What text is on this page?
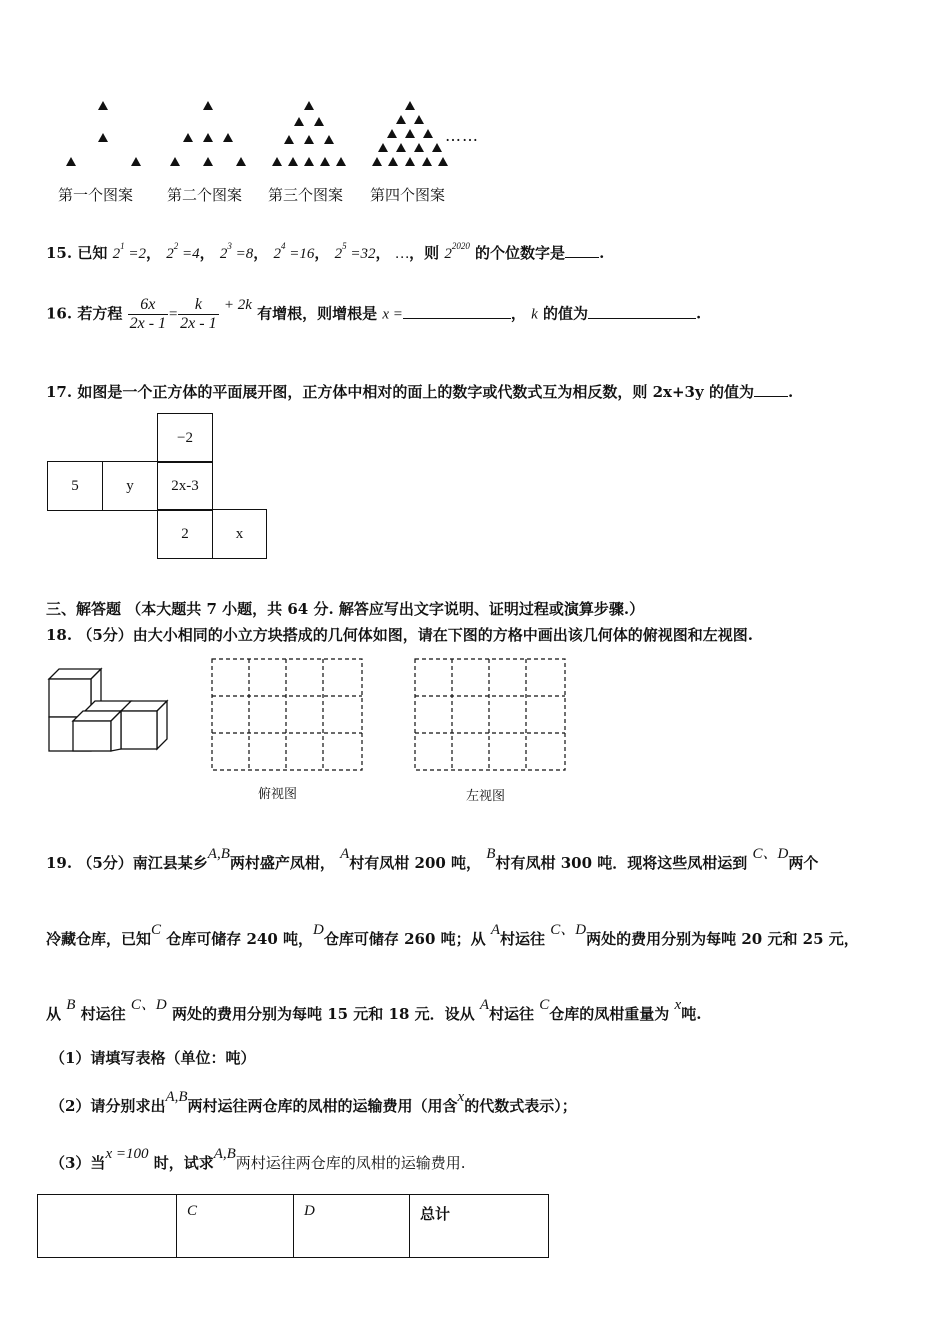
……
第一个图案 第二个图案 第三个图案 第四个图案
15. 已知 $2^1 =2$， $2^2 =4$， $2^3 =8$， $2^4 =16$， $2^5 =32$， …，则 $2^{2020}$ 的个位数字是 .
16. 若方程 $\frac{6x}{2x - 1} = \frac{k}{2x - 1} + 2k$ 有增根，则增根是 x =	， k 的值为	.
17. 如图是一个正方体的平面展开图，正方体中相对的面上的数字或代数式互为相反数，则 2x+3y 的值为 .
−2
5	y	2x-3
2	x
三、解答题 （本大题共 7 小题，共 64 分. 解答应写出文字说明、证明过程或演算步骤.）
18. （5分）由大小相同的小立方块搭成的几何体如图，请在下图的方格中画出该几何体的俯视图和左视图.
俯视图	左视图
19. （5分）南江县某乡A,B两村盛产凤柑， A村有凤柑 200 吨， B村有凤柑 300 吨．现将这些凤柑运到 C、D两个
冷藏仓库，已知C 仓库可储存 240 吨，D仓库可储存 260 吨；从 A村运往 C、D两处的费用分别为每吨 20 元和 25 元，
从 B 村运往 C、D 两处的费用分别为每吨 15 元和 18 元．设从 A村运往 C仓库的凤柑重量为 x吨.
（1）请填写表格（单位：吨）
（2）请分别求出A,B两村运往两仓库的凤柑的运输费用（用含x的代数式表示）；
（3）当x =100 时，试求A,B两村运往两仓库的凤柑的运输费用.
	C	D	总计
